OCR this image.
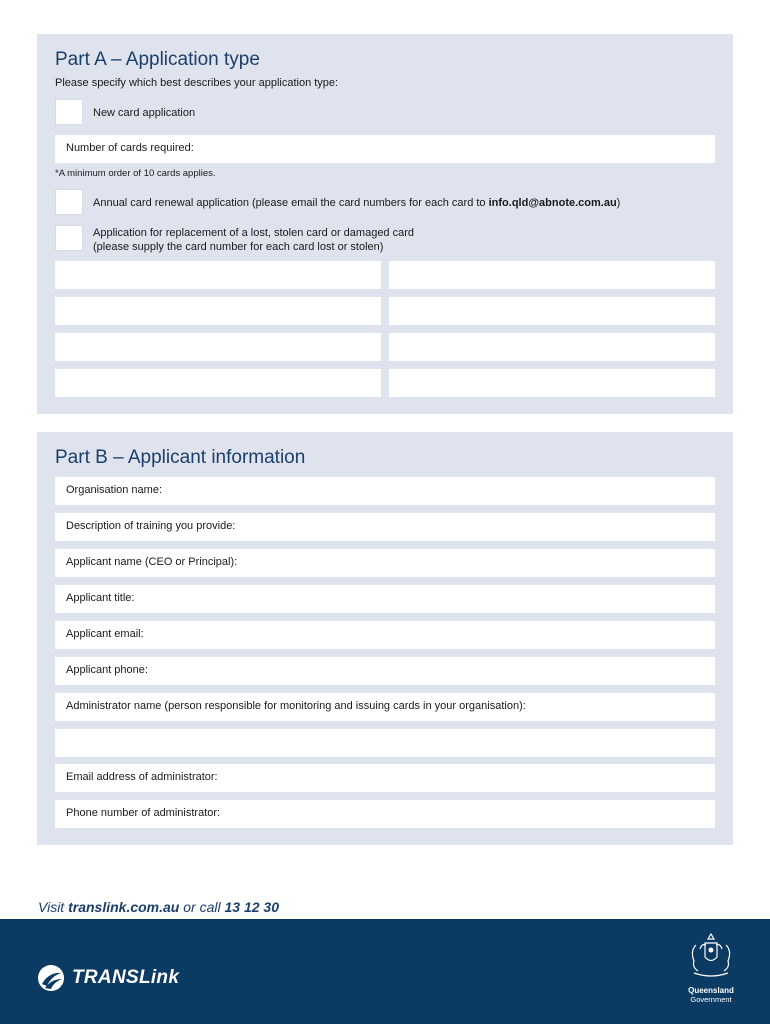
Part A – Application type
Please specify which best describes your application type:
New card application
Number of cards required:
*A minimum order of 10 cards applies.
Annual card renewal application (please email the card numbers for each card to info.qld@abnote.com.au)
Application for replacement of a lost, stolen card or damaged card
(please supply the card number for each card lost or stolen)
Part B – Applicant information
Organisation name:
Description of training you provide:
Applicant name (CEO or Principal):
Applicant title:
Applicant email:
Applicant phone:
Administrator name (person responsible for monitoring and issuing cards in your organisation):
Email address of administrator:
Phone number of administrator:
Visit translink.com.au or call 13 12 30
TRANSLink
Queensland
Government
